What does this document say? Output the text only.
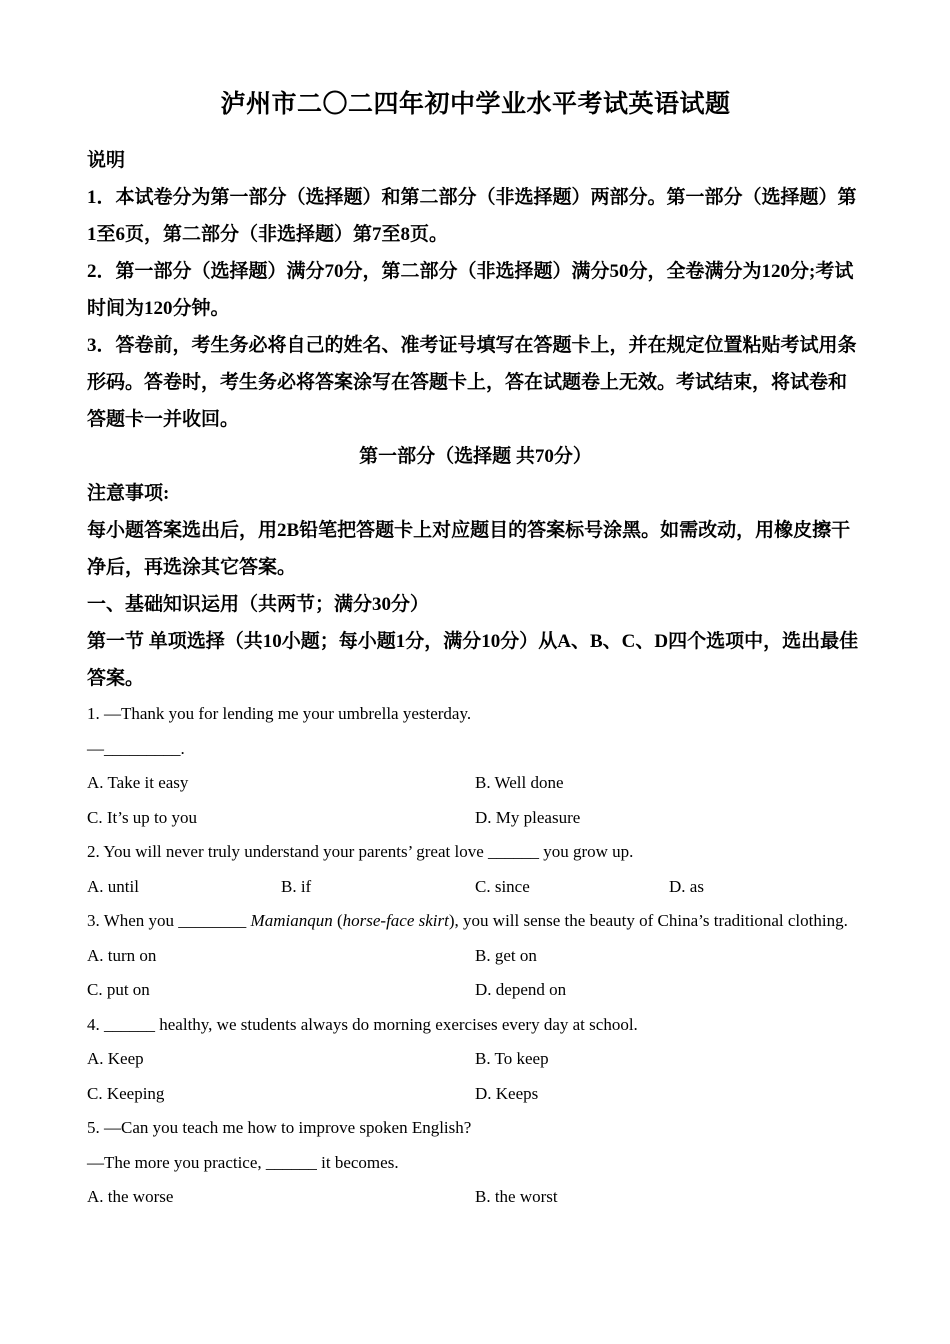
泸州市二〇二四年初中学业水平考试英语试题

说明

1．本试卷分为第一部分（选择题）和第二部分（非选择题）两部分。第一部分（选择题）第1至6页，第二部分（非选择题）第7至8页。

2．第一部分（选择题）满分70分，第二部分（非选择题）满分50分，全卷满分为120分;考试时间为120分钟。

3．答卷前，考生务必将自己的姓名、准考证号填写在答题卡上，并在规定位置粘贴考试用条形码。答卷时，考生务必将答案涂写在答题卡上，答在试题卷上无效。考试结束，将试卷和答题卡一并收回。

第一部分（选择题 共70分）

注意事项:

每小题答案选出后，用2B铅笔把答题卡上对应题目的答案标号涂黑。如需改动，用橡皮擦干净后，再选涂其它答案。

一、基础知识运用（共两节；满分30分）

第一节 单项选择（共10小题；每小题1分，满分10分）从A、B、C、D四个选项中，选出最佳答案。

1. —Thank you for lending me your umbrella yesterday.

—_________.

A. Take it easy	B. Well done
C. It’s up to you	D. My pleasure

2. You will never truly understand your parents’ great love ______ you grow up.

A. until	B. if	C. since	D. as

3. When you ________ Mamianqun (horse-face skirt), you will sense the beauty of China’s traditional clothing.

A. turn on	B. get on
C. put on	D. depend on

4. ______ healthy, we students always do morning exercises every day at school.

A. Keep	B. To keep
C. Keeping	D. Keeps

5. —Can you teach me how to improve spoken English?

—The more you practice, ______ it becomes.

A. the worse	B. the worst
